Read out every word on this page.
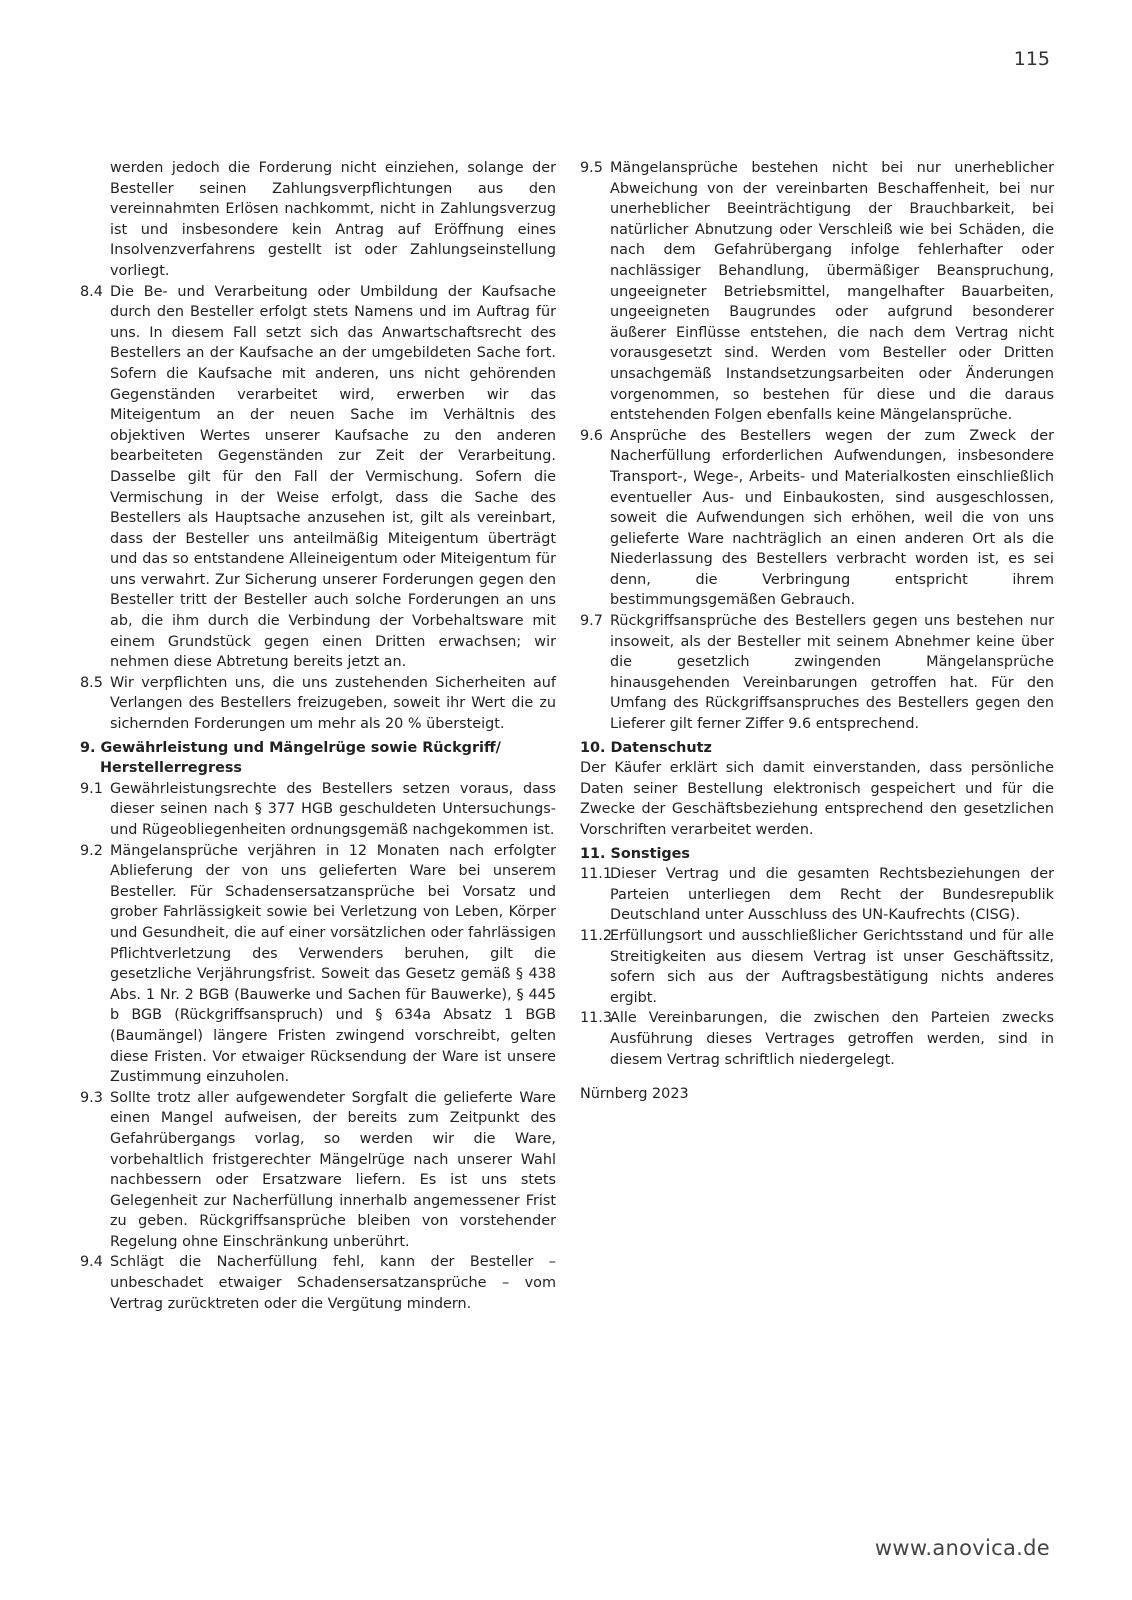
115

werden jedoch die Forderung nicht einziehen, solange der Besteller seinen Zahlungsverpflichtungen aus den vereinnahmten Erlösen nachkommt, nicht in Zahlungsverzug ist und insbesondere kein Antrag auf Eröffnung eines Insolvenzverfahrens gestellt ist oder Zahlungseinstellung vorliegt.

8.4 Die Be- und Verarbeitung oder Umbildung der Kaufsache durch den Besteller erfolgt stets Namens und im Auftrag für uns. In diesem Fall setzt sich das Anwartschaftsrecht des Bestellers an der Kaufsache an der umgebildeten Sache fort. Sofern die Kaufsache mit anderen, uns nicht gehörenden Gegenständen verarbeitet wird, erwerben wir das Miteigentum an der neuen Sache im Verhältnis des objektiven Wertes unserer Kaufsache zu den anderen bearbeiteten Gegenständen zur Zeit der Verarbeitung. Dasselbe gilt für den Fall der Vermischung. Sofern die Vermischung in der Weise erfolgt, dass die Sache des Bestellers als Hauptsache anzusehen ist, gilt als vereinbart, dass der Besteller uns anteilmäßig Miteigentum überträgt und das so entstandene Alleineigentum oder Miteigentum für uns verwahrt. Zur Sicherung unserer Forderungen gegen den Besteller tritt der Besteller auch solche Forderungen an uns ab, die ihm durch die Verbindung der Vorbehaltsware mit einem Grundstück gegen einen Dritten erwachsen; wir nehmen diese Abtretung bereits jetzt an.
8.5 Wir verpflichten uns, die uns zustehenden Sicherheiten auf Verlangen des Bestellers freizugeben, soweit ihr Wert die zu sichernden Forderungen um mehr als 20 % übersteigt.

9. Gewährleistung und Mängelrüge sowie Rückgriff/ Herstellerregress

9.1 Gewährleistungsrechte des Bestellers setzen voraus, dass dieser seinen nach § 377 HGB geschuldeten Untersuchungs- und Rügeobliegenheiten ordnungsgemäß nachgekommen ist.
9.2 Mängelansprüche verjähren in 12 Monaten nach erfolgter Ablieferung der von uns gelieferten Ware bei unserem Besteller. Für Schadensersatzansprüche bei Vorsatz und grober Fahrlässigkeit sowie bei Verletzung von Leben, Körper und Gesundheit, die auf einer vorsätzlichen oder fahrlässigen Pflichtverletzung des Verwenders beruhen, gilt die gesetzliche Verjährungsfrist. Soweit das Gesetz gemäß § 438 Abs. 1 Nr. 2 BGB (Bauwerke und Sachen für Bauwerke), § 445 b BGB (Rückgriffsanspruch) und § 634a Absatz 1 BGB (Baumängel) längere Fristen zwingend vorschreibt, gelten diese Fristen. Vor etwaiger Rücksendung der Ware ist unsere Zustimmung einzuholen.
9.3 Sollte trotz aller aufgewendeter Sorgfalt die gelieferte Ware einen Mangel aufweisen, der bereits zum Zeitpunkt des Gefahrübergangs vorlag, so werden wir die Ware, vorbehaltlich fristgerechter Mängelrüge nach unserer Wahl nachbessern oder Ersatzware liefern. Es ist uns stets Gelegenheit zur Nacherfüllung innerhalb angemessener Frist zu geben. Rückgriffsansprüche bleiben von vorstehender Regelung ohne Einschränkung unberührt.
9.4 Schlägt die Nacherfüllung fehl, kann der Besteller – unbeschadet etwaiger Schadensersatzansprüche – vom Vertrag zurücktreten oder die Vergütung mindern.
9.5 Mängelansprüche bestehen nicht bei nur unerheblicher Abweichung von der vereinbarten Beschaffenheit, bei nur unerheblicher Beeinträchtigung der Brauchbarkeit, bei natürlicher Abnutzung oder Verschleiß wie bei Schäden, die nach dem Gefahrübergang infolge fehlerhafter oder nachlässiger Behandlung, übermäßiger Beanspruchung, ungeeigneter Betriebsmittel, mangelhafter Bauarbeiten, ungeeigneten Baugrundes oder aufgrund besonderer äußerer Einflüsse entstehen, die nach dem Vertrag nicht vorausgesetzt sind. Werden vom Besteller oder Dritten unsachgemäß Instandsetzungsarbeiten oder Änderungen vorgenommen, so bestehen für diese und die daraus entstehenden Folgen ebenfalls keine Mängelansprüche.
9.6 Ansprüche des Bestellers wegen der zum Zweck der Nacherfüllung erforderlichen Aufwendungen, insbesondere Transport-, Wege-, Arbeits- und Materialkosten einschließlich eventueller Aus- und Einbaukosten, sind ausgeschlossen, soweit die Aufwendungen sich erhöhen, weil die von uns gelieferte Ware nachträglich an einen anderen Ort als die Niederlassung des Bestellers verbracht worden ist, es sei denn, die Verbringung entspricht ihrem bestimmungsgemäßen Gebrauch.
9.7 Rückgriffsansprüche des Bestellers gegen uns bestehen nur insoweit, als der Besteller mit seinem Abnehmer keine über die gesetzlich zwingenden Mängelansprüche hinausgehenden Vereinbarungen getroffen hat. Für den Umfang des Rückgriffsanspruches des Bestellers gegen den Lieferer gilt ferner Ziffer 9.6 entsprechend.

10. Datenschutz

Der Käufer erklärt sich damit einverstanden, dass persönliche Daten seiner Bestellung elektronisch gespeichert und für die Zwecke der Geschäftsbeziehung entsprechend den gesetzlichen Vorschriften verarbeitet werden.

11. Sonstiges

11.1
Dieser Vertrag und die gesamten Rechtsbeziehungen der Parteien unterliegen dem Recht der Bundesrepublik Deutschland unter Ausschluss des UN-Kaufrechts (CISG).
11.2
Erfüllungsort und ausschließlicher Gerichtsstand und für alle Streitigkeiten aus diesem Vertrag ist unser Geschäftssitz, sofern sich aus der Auftragsbestätigung nichts anderes ergibt.
11.3
Alle Vereinbarungen, die zwischen den Parteien zwecks Ausführung dieses Vertrages getroffen werden, sind in diesem Vertrag schriftlich niedergelegt.

Nürnberg 2023

www.anovica.de
